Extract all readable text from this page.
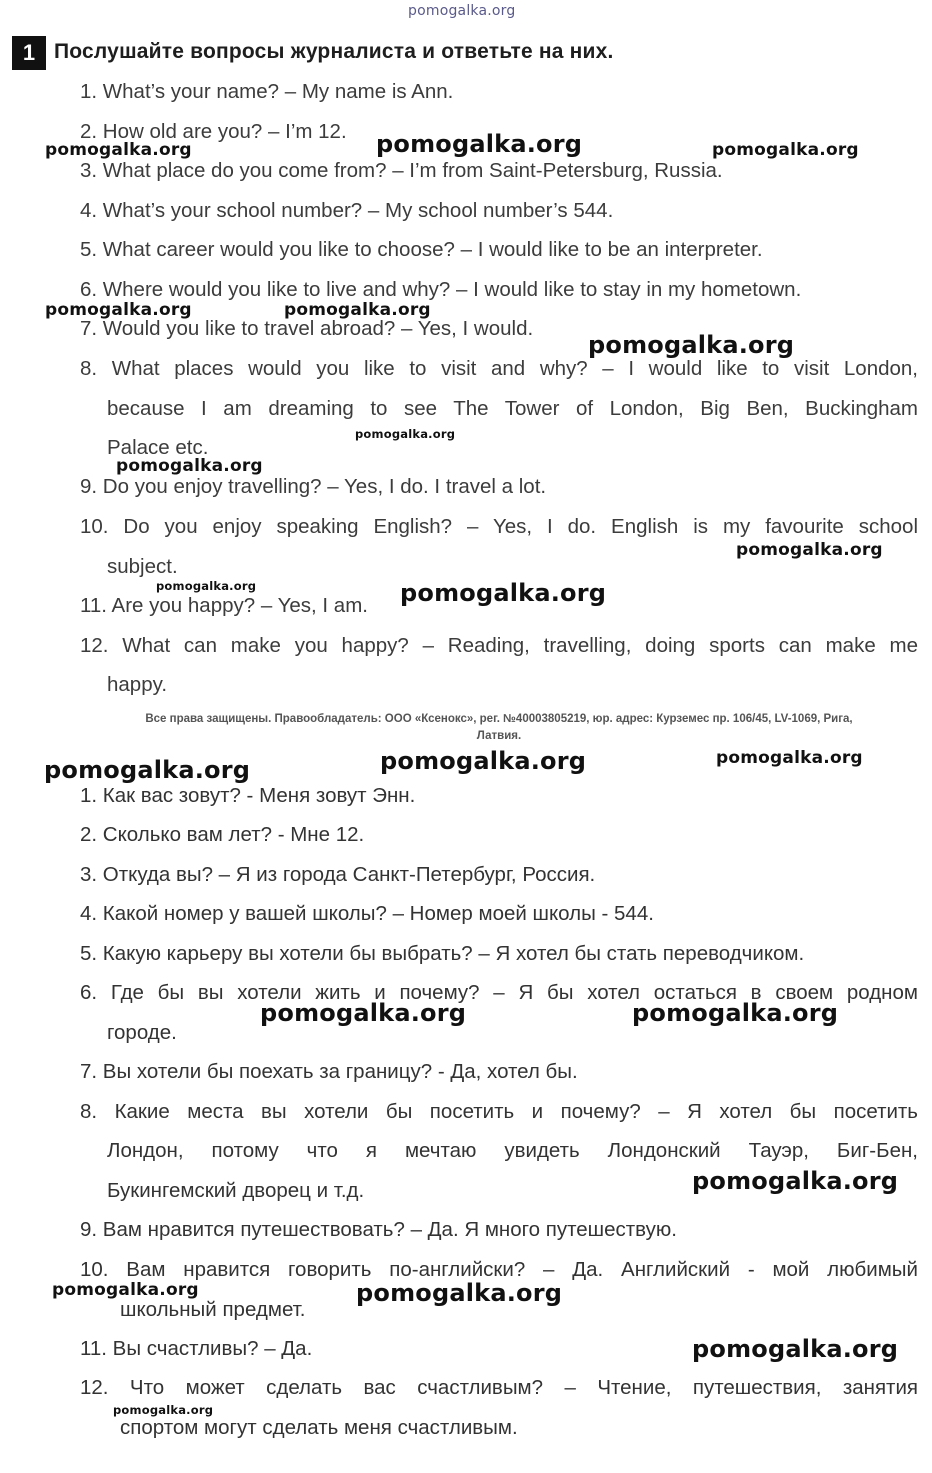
pomogalka.org
1 Послушайте вопросы журналиста и ответьте на них.
1. What’s your name? – My name is Ann.
2. How old are you? – I’m 12.
3. What place do you come from? – I’m from Saint-Petersburg, Russia.
4. What’s your school number? – My school number’s 544.
5. What career would you like to choose? – I would like to be an interpreter.
6. Where would you like to live and why? – I would like to stay in my hometown.
7. Would you like to travel abroad? – Yes, I would.
8. What places would you like to visit and why? – I would like to visit London,
because I am dreaming to see The Tower of London, Big Ben, Buckingham
Palace etc.
9. Do you enjoy travelling? – Yes, I do. I travel a lot.
10. Do you enjoy speaking English? – Yes, I do. English is my favourite school
subject.
11. Are you happy? – Yes, I am.
12. What can make you happy? – Reading, travelling, doing sports can make me
happy.
Все права защищены. Правообладатель: ООО «Ксенокс», рег. №40003805219, юр. адрес: Курземес пр. 106/45, LV-1069, Рига,
Латвия.
1. Как вас зовут? - Меня зовут Энн.
2. Сколько вам лет? - Мне 12.
3. Откуда вы? – Я из города Санкт-Петербург, Россия.
4. Какой номер у вашей школы? – Номер моей школы - 544.
5. Какую карьеру вы хотели бы выбрать? – Я хотел бы стать переводчиком.
6. Где бы вы хотели жить и почему? – Я бы хотел остаться в своем родном
городе.
7. Вы хотели бы поехать за границу? - Да, хотел бы.
8. Какие места вы хотели бы посетить и почему? – Я хотел бы посетить
Лондон, потому что я мечтаю увидеть Лондонский Тауэр, Биг-Бен,
Букингемский дворец и т.д.
9. Вам нравится путешествовать? – Да. Я много путешествую.
10. Вам нравится говорить по-английски? – Да. Английский - мой любимый
школьный предмет.
11. Вы счастливы? – Да.
12. Что может сделать вас счастливым? – Чтение, путешествия, занятия
спортом могут сделать меня счастливым.
pomogalka.org	pomogalka.org	pomogalka.org
pomogalka.org	pomogalka.org
pomogalka.org
pomogalka.org
pomogalka.org
pomogalka.org
pomogalka.org	pomogalka.org
pomogalka.org	pomogalka.org	pomogalka.org
pomogalka.org	pomogalka.org
pomogalka.org
pomogalka.org	pomogalka.org
pomogalka.org
pomogalka.org
